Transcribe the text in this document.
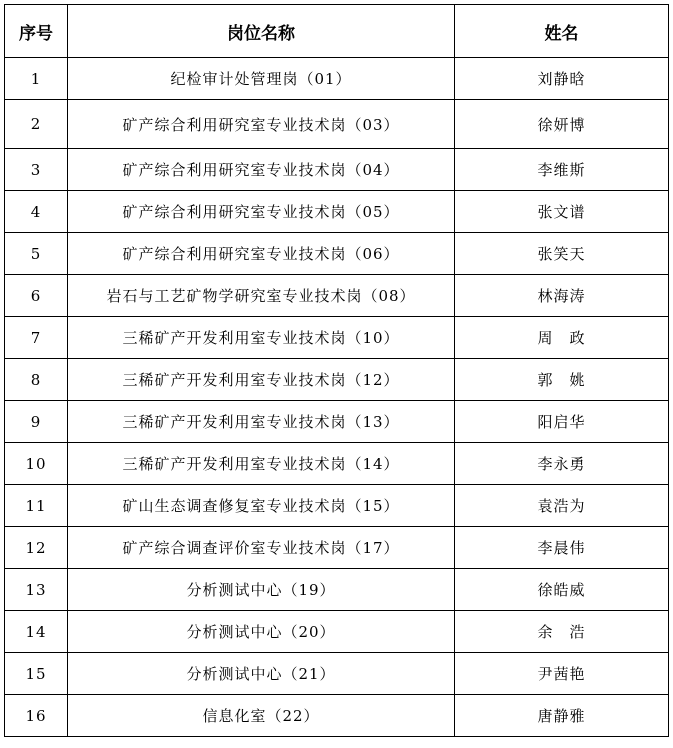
序号	岗位名称	姓名
1	纪检审计处管理岗（01）	刘静晗
2	矿产综合利用研究室专业技术岗（03）	徐妍博
3	矿产综合利用研究室专业技术岗（04）	李维斯
4	矿产综合利用研究室专业技术岗（05）	张文谱
5	矿产综合利用研究室专业技术岗（06）	张笑天
6	岩石与工艺矿物学研究室专业技术岗（08）	林海涛
7	三稀矿产开发利用室专业技术岗（10）	周　政
8	三稀矿产开发利用室专业技术岗（12）	郭　姚
9	三稀矿产开发利用室专业技术岗（13）	阳启华
10	三稀矿产开发利用室专业技术岗（14）	李永勇
11	矿山生态调查修复室专业技术岗（15）	袁浩为
12	矿产综合调查评价室专业技术岗（17）	李晨伟
13	分析测试中心（19）	徐皓威
14	分析测试中心（20）	余　浩
15	分析测试中心（21）	尹茜艳
16	信息化室（22）	唐静雅
